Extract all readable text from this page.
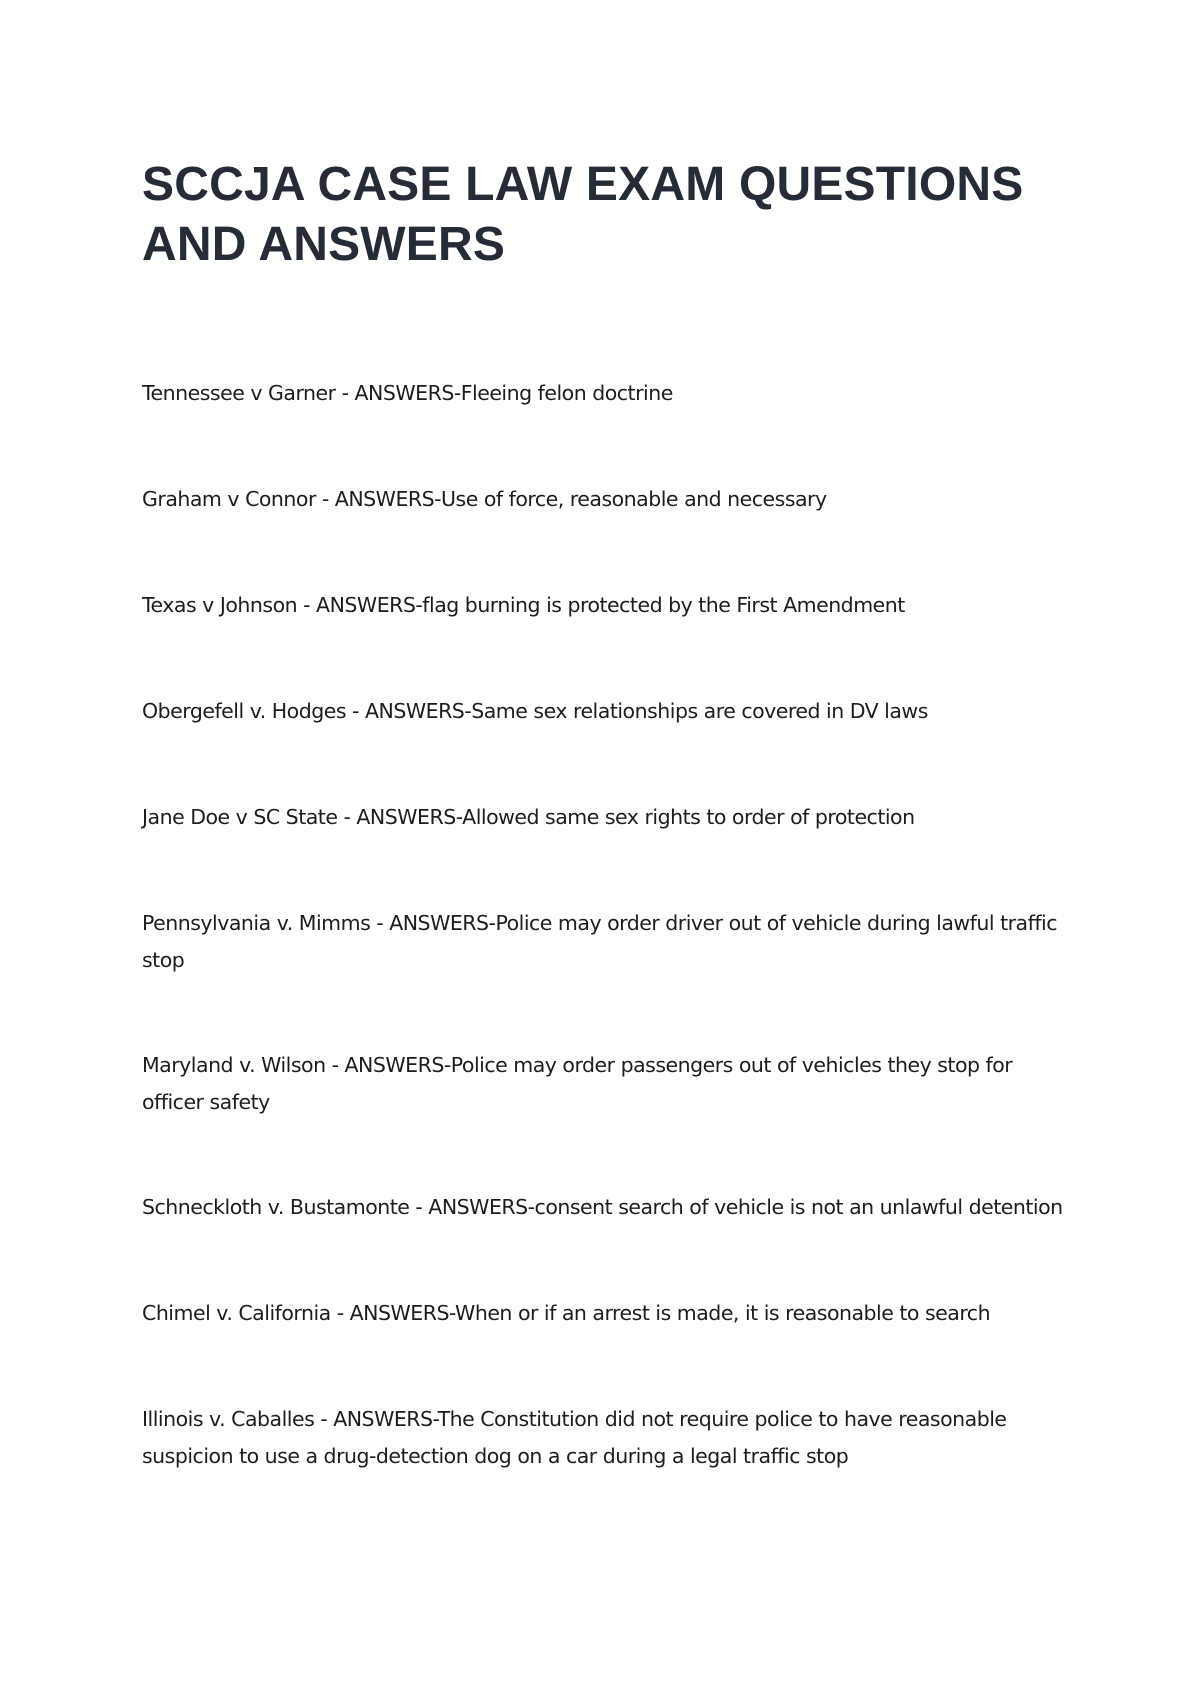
SCCJA CASE LAW EXAM QUESTIONS AND ANSWERS
Tennessee v Garner - ANSWERS-Fleeing felon doctrine
Graham v Connor - ANSWERS-Use of force, reasonable and necessary
Texas v Johnson - ANSWERS-flag burning is protected by the First Amendment
Obergefell v. Hodges - ANSWERS-Same sex relationships are covered in DV laws
Jane Doe v SC State - ANSWERS-Allowed same sex rights to order of protection
Pennsylvania v. Mimms - ANSWERS-Police may order driver out of vehicle during lawful traffic stop
Maryland v. Wilson - ANSWERS-Police may order passengers out of vehicles they stop for officer safety
Schneckloth v. Bustamonte - ANSWERS-consent search of vehicle is not an unlawful detention
Chimel v. California - ANSWERS-When or if an arrest is made, it is reasonable to search
Illinois v. Caballes - ANSWERS-The Constitution did not require police to have reasonable suspicion to use a drug-detection dog on a car during a legal traffic stop
